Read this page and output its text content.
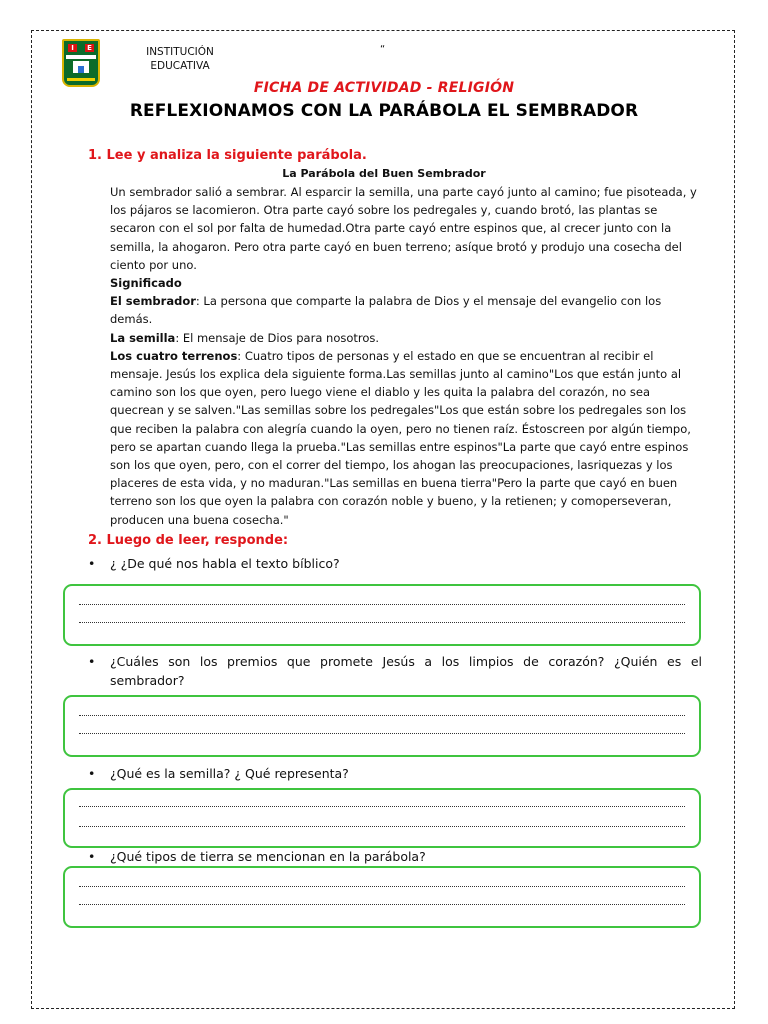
I	E	INSTITUCIÓN
EDUCATIVA
“
FICHA DE ACTIVIDAD - RELIGIÓN
REFLEXIONAMOS CON LA PARÁBOLA EL SEMBRADOR
1. Lee y analiza la siguiente parábola.
La Parábola del Buen Sembrador

Un sembrador salió a sembrar. Al esparcir la semilla, una parte cayó junto al camino; fue pisoteada, y los pájaros se lacomieron. Otra parte cayó sobre los pedregales y, cuando brotó, las plantas se secaron con el sol por falta de humedad.Otra parte cayó entre espinos que, al crecer junto con la semilla, la ahogaron. Pero otra parte cayó en buen terreno; asíque brotó y produjo una cosecha del ciento por uno.

Significado

El sembrador: La persona que comparte la palabra de Dios y el mensaje del evangelio con los demás.

La semilla: El mensaje de Dios para nosotros.

Los cuatro terrenos: Cuatro tipos de personas y el estado en que se encuentran al recibir el mensaje. Jesús los explica dela siguiente forma.Las semillas junto al camino"Los que están junto al camino son los que oyen, pero luego viene el diablo y les quita la palabra del corazón, no sea quecrean y se salven."Las semillas sobre los pedregales"Los que están sobre los pedregales son los que reciben la palabra con alegría cuando la oyen, pero no tienen raíz. Éstoscreen por algún tiempo, pero se apartan cuando llega la prueba."Las semillas entre espinos"La parte que cayó entre espinos son los que oyen, pero, con el correr del tiempo, los ahogan las preocupaciones, lasriquezas y los placeres de esta vida, y no maduran."Las semillas en buena tierra"Pero la parte que cayó en buen terreno son los que oyen la palabra con corazón noble y bueno, y la retienen; y comoperseveran, producen una buena cosecha."

2. Luego de leer, responde:
• ¿ ¿De qué nos habla el texto bíblico?
• ¿Cuáles son los premios que promete Jesús a los limpios de corazón? ¿Quién es el sembrador?
• ¿Qué es la semilla? ¿ Qué representa?
• ¿Qué tipos de tierra se mencionan en la parábola?
